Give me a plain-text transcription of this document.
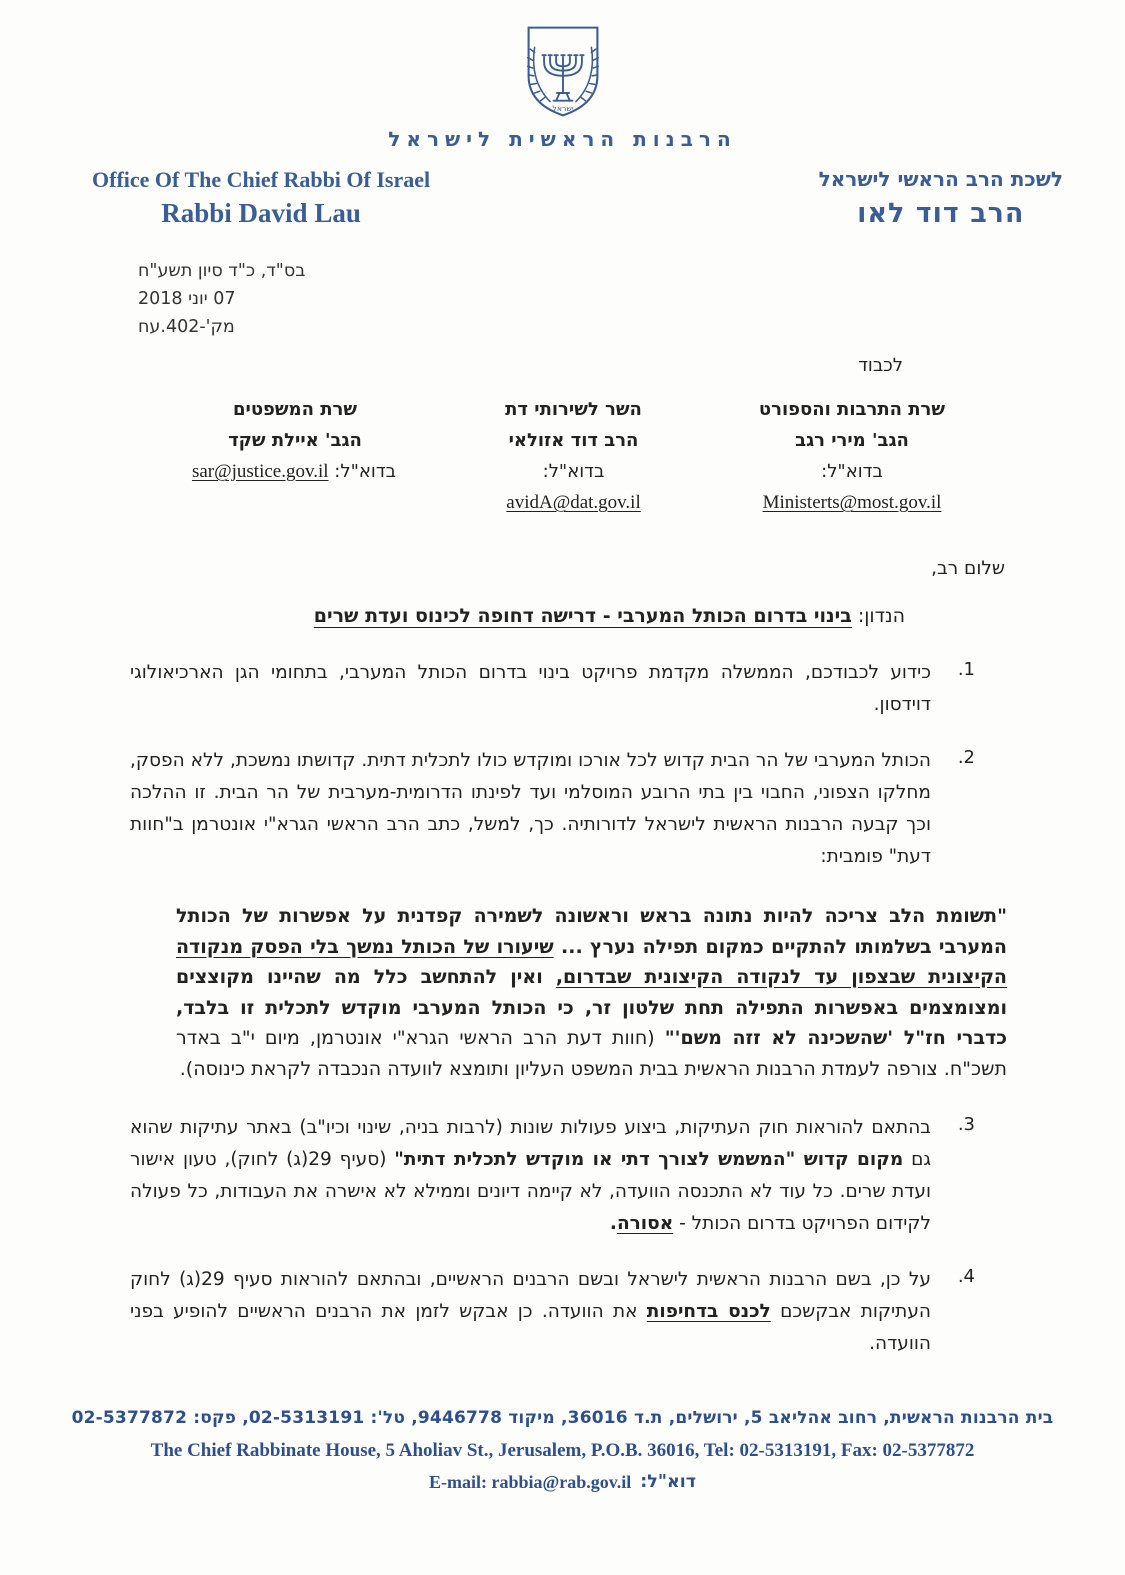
ישראל
הרבנות הראשית לישראל
לשכת הרב הראשי לישראל
הרב דוד לאו
Office Of The Chief Rabbi Of Israel
Rabbi David Lau
בס"ד, כ"ד סיון תשע"ח
07 יוני 2018
מק'-402.עח
לכבוד
שרת התרבות והספורט
הגב' מירי רגב
בדוא"ל:
Ministerts@most.gov.il
השר לשירותי דת
הרב דוד אזולאי
בדוא"ל:
avidA@dat.gov.il
שרת המשפטים
הגב' איילת שקד
בדוא"ל: sar@justice.gov.il
שלום רב,
הנדון: בינוי בדרום הכותל המערבי - דרישה דחופה לכינוס ועדת שרים
1.

כידוע לכבודכם, הממשלה מקדמת פרויקט בינוי בדרום הכותל המערבי, בתחומי הגן הארכיאולוגי דוידסון.

2.

הכותל המערבי של הר הבית קדוש לכל אורכו ומוקדש כולו לתכלית דתית. קדושתו נמשכת, ללא הפסק, מחלקו הצפוני, החבוי בין בתי הרובע המוסלמי ועד לפינתו הדרומית-מערבית של הר הבית. זו ההלכה וכך קבעה הרבנות הראשית לישראל לדורותיה. כך, למשל, כתב הרב הראשי הגרא"י אונטרמן ב"חוות דעת" פומבית:

"תשומת הלב צריכה להיות נתונה בראש וראשונה לשמירה קפדנית על אפשרות של הכותל המערבי בשלמותו להתקיים כמקום תפילה נערץ ... שיעורו של הכותל נמשך בלי הפסק מנקודה הקיצונית שבצפון עד לנקודה הקיצונית שבדרום, ואין להתחשב כלל מה שהיינו מקוצצים ומצומצמים באפשרות התפילה תחת שלטון זר, כי הכותל המערבי מוקדש לתכלית זו בלבד, כדברי חז"ל 'שהשכינה לא זזה משם'" (חוות דעת הרב הראשי הגרא"י אונטרמן, מיום י"ב באדר תשכ"ח. צורפה לעמדת הרבנות הראשית בבית המשפט העליון ותומצא לוועדה הנכבדה לקראת כינוסה).
3.

בהתאם להוראות חוק העתיקות, ביצוע פעולות שונות (לרבות בניה, שינוי וכיו"ב) באתר עתיקות שהוא גם מקום קדוש "המשמש לצורך דתי או מוקדש לתכלית דתית" (סעיף 29(ג) לחוק), טעון אישור ועדת שרים. כל עוד לא התכנסה הוועדה, לא קיימה דיונים וממילא לא אישרה את העבודות, כל פעולה לקידום הפרויקט בדרום הכותל - אסורה.

4.

על כן, בשם הרבנות הראשית לישראל ובשם הרבנים הראשיים, ובהתאם להוראות סעיף 29(ג) לחוק העתיקות אבקשכם לכנס בדחיפות את הוועדה. כן אבקש לזמן את הרבנים הראשיים להופיע בפני הוועדה.

בית הרבנות הראשית, רחוב אהליאב 5, ירושלים, ת.ד 36016, מיקוד 9446778, טל': 02-5313191, פקס: 02-5377872
The Chief Rabbinate House, 5 Aholiav St., Jerusalem, P.O.B. 36016, Tel: 02-5313191, Fax: 02-5377872
דוא"ל:
E-mail: rabbia@rab.gov.il
